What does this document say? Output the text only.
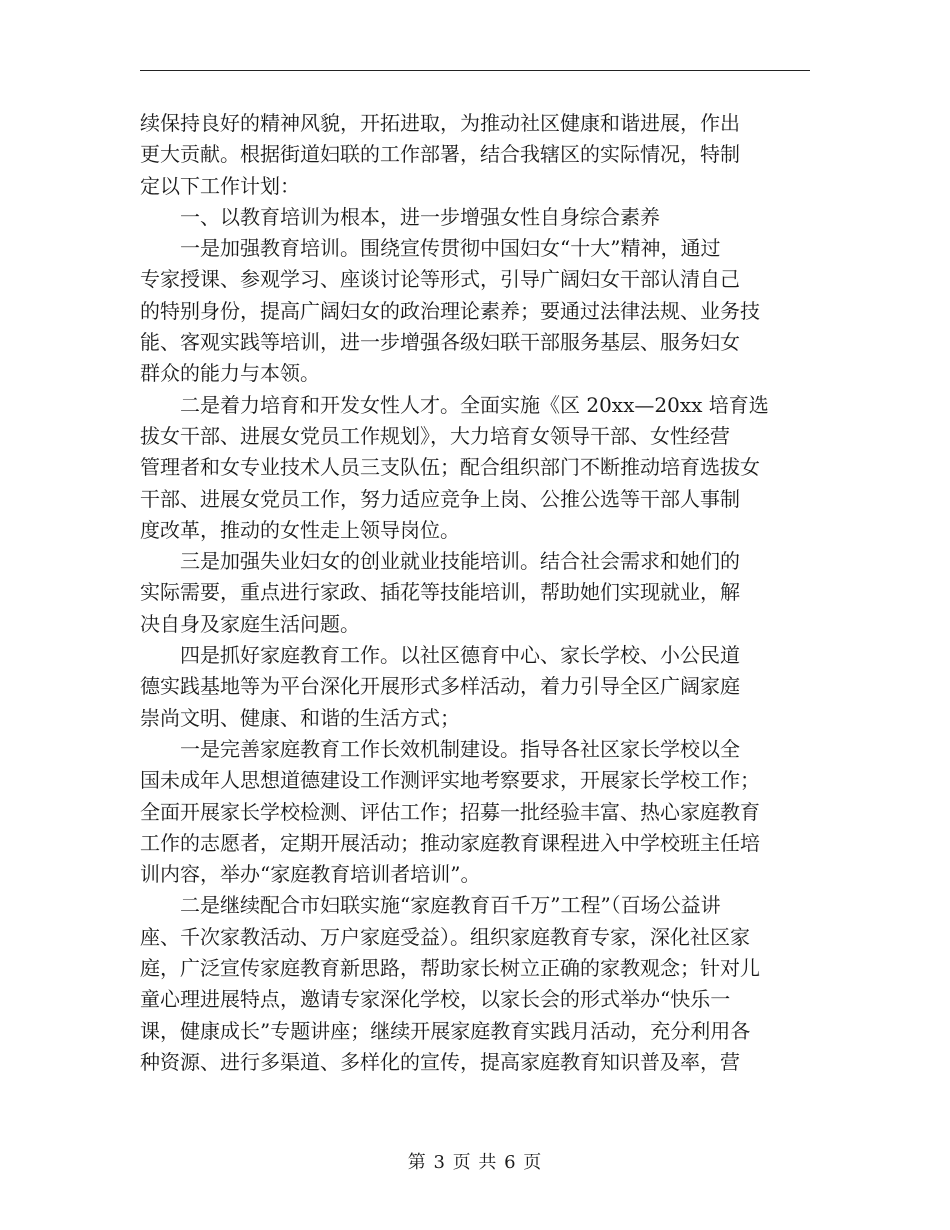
续保持良好的精神风貌，开拓进取，为推动社区健康和谐进展，作出
更大贡献。根据街道妇联的工作部署，结合我辖区的实际情况，特制
定以下工作计划：
　　一、以教育培训为根本，进一步增强女性自身综合素养
　　一是加强教育培训。围绕宣传贯彻中国妇女“十大”精神，通过
专家授课、参观学习、座谈讨论等形式，引导广阔妇女干部认清自己
的特别身份，提高广阔妇女的政治理论素养；要通过法律法规、业务技
能、客观实践等培训，进一步增强各级妇联干部服务基层、服务妇女
群众的能力与本领。
　　二是着力培育和开发女性人才。全面实施《区 20xx—20xx 培育选
拔女干部、进展女党员工作规划》，大力培育女领导干部、女性经营
管理者和女专业技术人员三支队伍；配合组织部门不断推动培育选拔女
干部、进展女党员工作，努力适应竞争上岗、公推公选等干部人事制
度改革，推动的女性走上领导岗位。
　　三是加强失业妇女的创业就业技能培训。结合社会需求和她们的
实际需要，重点进行家政、插花等技能培训，帮助她们实现就业，解
决自身及家庭生活问题。
　　四是抓好家庭教育工作。以社区德育中心、家长学校、小公民道
德实践基地等为平台深化开展形式多样活动，着力引导全区广阔家庭
崇尚文明、健康、和谐的生活方式；
　　一是完善家庭教育工作长效机制建设。指导各社区家长学校以全
国未成年人思想道德建设工作测评实地考察要求，开展家长学校工作；
全面开展家长学校检测、评估工作；招募一批经验丰富、热心家庭教育
工作的志愿者，定期开展活动；推动家庭教育课程进入中学校班主任培
训内容，举办“家庭教育培训者培训”。
　　二是继续配合市妇联实施“家庭教育百千万”工程”（百场公益讲
座、千次家教活动、万户家庭受益）。组织家庭教育专家，深化社区家
庭，广泛宣传家庭教育新思路，帮助家长树立正确的家教观念；针对儿
童心理进展特点，邀请专家深化学校，以家长会的形式举办“快乐一
课，健康成长”专题讲座；继续开展家庭教育实践月活动，充分利用各
种资源、进行多渠道、多样化的宣传，提高家庭教育知识普及率，营
第 3 页 共 6 页
